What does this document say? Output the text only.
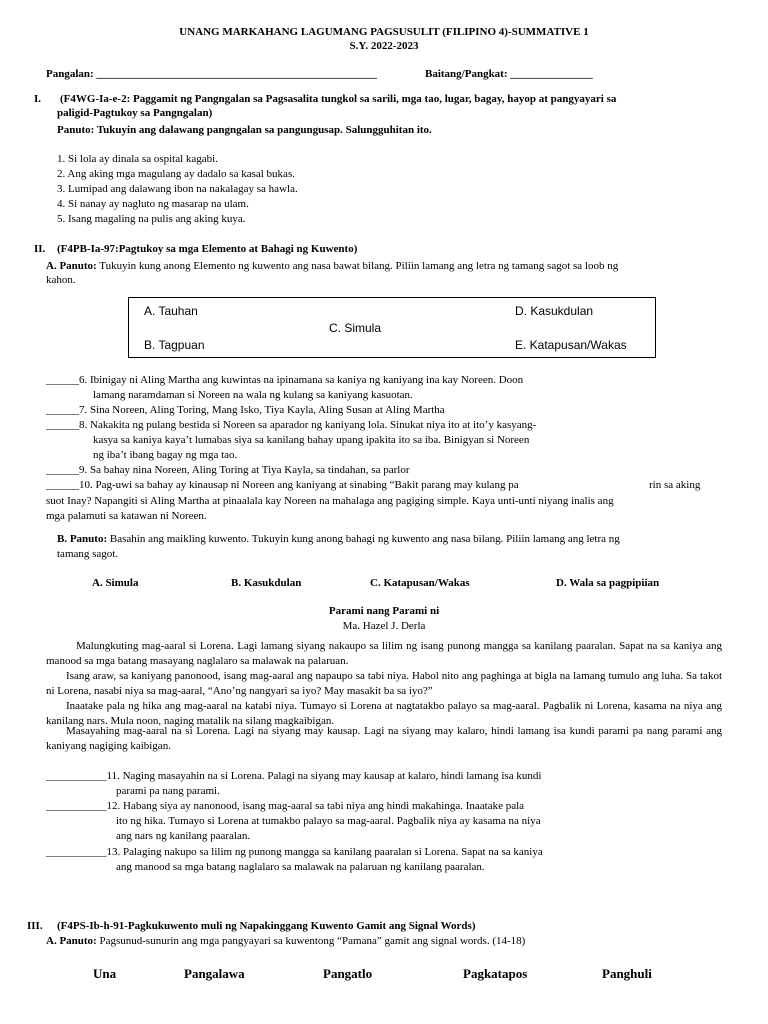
UNANG MARKAHANG LAGUMANG PAGSUSULIT (FILIPINO 4)-SUMMATIVE 1
S.Y. 2022-2023
Pangalan: ___________________________________________________	Baitang/Pangkat: _______________
I. (F4WG-Ia-e-2: Paggamit ng Pangngalan sa Pagsasalita tungkol sa sarili, mga tao, lugar, bagay, hayop at pangyayari sa
paligid-Pagtukoy sa Pangngalan)
Panuto: Tukuyin ang dalawang pangngalan sa pangungusap. Salungguhitan ito.
1. Si lola ay dinala sa ospital kagabi.
2. Ang aking mga magulang ay dadalo sa kasal bukas.
3. Lumipad ang dalawang ibon na nakalagay sa hawla.
4. Si nanay ay nagluto ng masarap na ulam.
5. Isang magaling na pulis ang aking kuya.
II. (F4PB-Ia-97:Pagtukoy sa mga Elemento at Bahagi ng Kuwento)
A. Panuto: Tukuyin kung anong Elemento ng kuwento ang nasa bawat bilang. Piliin lamang ang letra ng tamang sagot sa loob ng
kahon.
A. Tauhan
B. Tagpuan
C. Simula
D. Kasukdulan
E. Katapusan/Wakas
______6. Ibinigay ni Aling Martha ang kuwintas na ipinamana sa kaniya ng kaniyang ina kay Noreen. Doon
lamang naramdaman si Noreen na wala ng kulang sa kaniyang kasuotan.
______7. Sina Noreen, Aling Toring, Mang Isko, Tiya Kayla, Aling Susan at Aling Martha
______8. Nakakita ng pulang bestida si Noreen sa aparador ng kaniyang lola. Sinukat niya ito at ito’y kasyang-
kasya sa kaniya kaya’t lumabas siya sa kanilang bahay upang ipakita ito sa iba. Binigyan si Noreen
ng iba’t ibang bagay ng mga tao.
______9. Sa bahay nina Noreen, Aling Toring at Tiya Kayla, sa tindahan, sa parlor
______10. Pag-uwi sa bahay ay kinausap ni Noreen ang kaniyang at sinabing “Bakit parang may kulang pa	rin sa aking
suot Inay? Napangiti si Aling Martha at pinaalala kay Noreen na mahalaga ang pagiging simple. Kaya unti-unti niyang inalis ang
mga palamuti sa katawan ni Noreen.
B. Panuto: Basahin ang maikling kuwento. Tukuyin kung anong bahagi ng kuwento ang nasa bilang. Piliin lamang ang letra ng
tamang sagot.
A. Simula	B. Kasukdulan	C. Katapusan/Wakas	D. Wala sa pagpipiian
Parami nang Parami ni
Ma. Hazel J. Derla
Malungkuting mag-aaral si Lorena. Lagi lamang siyang nakaupo sa lilim ng isang punong mangga sa kanilang paaralan. Sapat na sa kaniya ang manood sa mga batang masayang naglalaro sa malawak na palaruan.
Isang araw, sa kaniyang panonood, isang mag-aaral ang napaupo sa tabi niya. Habol nito ang paghinga at bigla na lamang tumulo ang luha. Sa takot ni Lorena, nasabi niya sa mag-aaral, “Ano’ng nangyari sa iyo? May masakit ba sa iyo?”
Inaatake pala ng hika ang mag-aaral na katabi niya. Tumayo si Lorena at nagtatakbo palayo sa mag-aaral. Pagbalik ni Lorena, kasama na niya ang kanilang nars. Mula noon, naging matalik na silang magkaibigan.
Masayahing mag-aaral na si Lorena. Lagi na siyang may kausap. Lagi na siyang may kalaro, hindi lamang isa kundi parami pa nang parami ang kaniyang nagiging kaibigan.
___________11. Naging masayahin na si Lorena. Palagi na siyang may kausap at kalaro, hindi lamang isa kundi
parami pa nang parami.
___________12. Habang siya ay nanonood, isang mag-aaral sa tabi niya ang hindi makahinga. Inaatake pala
ito ng hika. Tumayo si Lorena at tumakbo palayo sa mag-aaral. Pagbalik niya ay kasama na niya
ang nars ng kanilang paaralan.
___________13. Palaging nakupo sa lilim ng punong mangga sa kanilang paaralan si Lorena. Sapat na sa kaniya
ang manood sa mga batang naglalaro sa malawak na palaruan ng kanilang paaralan.
III. (F4PS-Ib-h-91-Pagkukuwento muli ng Napakinggang Kuwento Gamit ang Signal Words)
A. Panuto: Pagsunud-sunurin ang mga pangyayari sa kuwentong “Pamana” gamit ang signal words. (14-18)
Una	Pangalawa	Pangatlo	Pagkatapos	Panghuli
